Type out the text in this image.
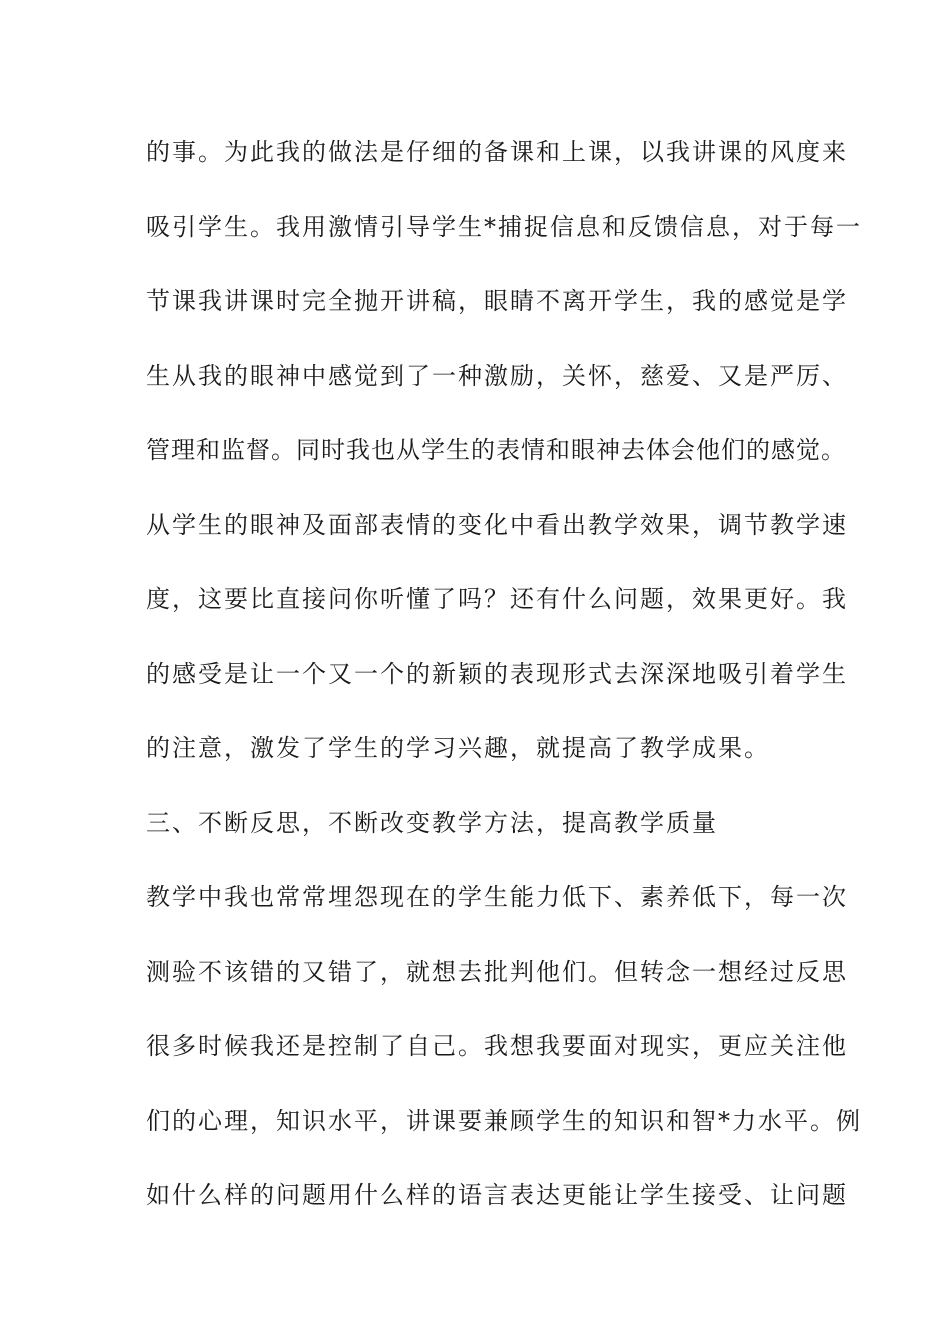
的事。为此我的做法是仔细的备课和上课，以我讲课的风度来
吸引学生。我用激情引导学生*捕捉信息和反馈信息，对于每一
节课我讲课时完全抛开讲稿，眼睛不离开学生，我的感觉是学
生从我的眼神中感觉到了一种激励，关怀，慈爱、又是严厉、
管理和监督。同时我也从学生的表情和眼神去体会他们的感觉。
从学生的眼神及面部表情的变化中看出教学效果，调节教学速
度，这要比直接问你听懂了吗？还有什么问题，效果更好。我
的感受是让一个又一个的新颖的表现形式去深深地吸引着学生
的注意，激发了学生的学习兴趣，就提高了教学成果。
三、不断反思，不断改变教学方法，提高教学质量
教学中我也常常埋怨现在的学生能力低下、素养低下，每一次
测验不该错的又错了，就想去批判他们。但转念一想经过反思
很多时候我还是控制了自己。我想我要面对现实，更应关注他
们的心理，知识水平，讲课要兼顾学生的知识和智*力水平。例
如什么样的问题用什么样的语言表达更能让学生接受、让问题
